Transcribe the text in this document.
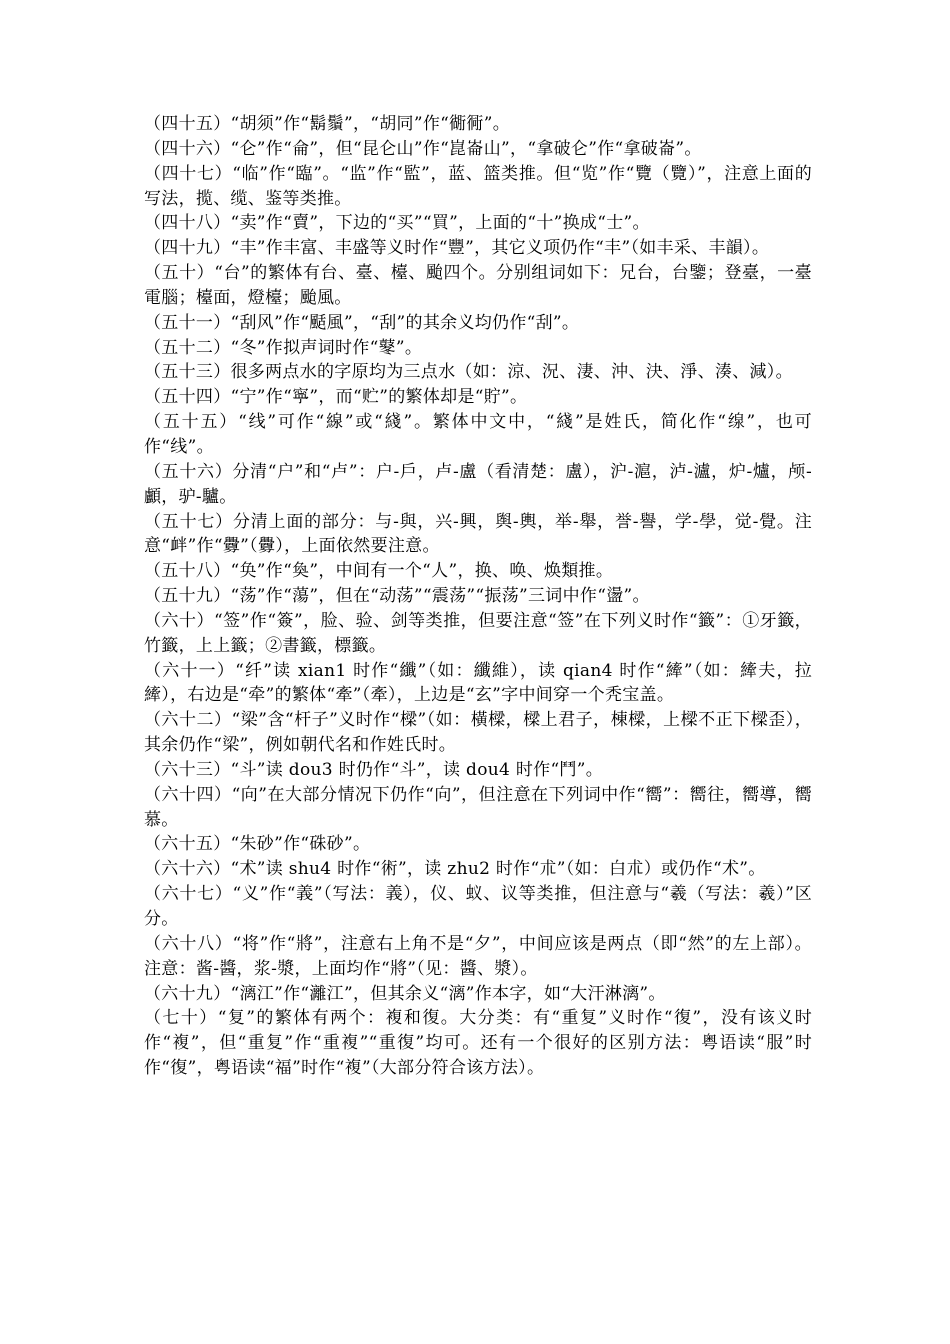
（四十五）“胡须”作“鬍鬚”，“胡同”作“衚衕”。

（四十六）“仑”作“侖”，但“昆仑山”作“崑崙山”，“拿破仑”作“拿破崙”。

（四十七）“临”作“臨”。“监”作“監”，蓝、篮类推。但“览”作“覽（覽）”，注意上面的写法，揽、缆、鉴等类推。

（四十八）“卖”作“賣”，下边的“买”“買”，上面的“十”换成“士”。

（四十九）“丰”作丰富、丰盛等义时作“豐”，其它义项仍作“丰”（如丰采、丰韻）。

（五十）“台”的繁体有台、臺、檯、颱四个。分别组词如下：兄台，台鑒；登臺，一臺電腦；檯面，燈檯；颱風。

（五十一）“刮风”作“颳風”，“刮”的其余义均仍作“刮”。

（五十二）“冬”作拟声词时作“鼕”。

（五十三）很多两点水的字原均为三点水（如：涼、況、淒、沖、決、淨、湊、減）。

（五十四）“宁”作“寧”，而“贮”的繁体却是“貯”。

（五十五）“线”可作“線”或“綫”。繁体中文中，“綫”是姓氏，简化作“缐”，也可作“线”。

（五十六）分清“户”和“卢”：户-戶，卢-盧（看清楚：盧），沪-滬，泸-瀘，炉-爐，颅-顱，驴-驢。

（五十七）分清上面的部分：与-與，兴-興，舆-輿，举-舉，誉-譽，学-學，觉-覺。注意“衅”作“釁”（釁），上面依然要注意。

（五十八）“奂”作“奐”，中间有一个“人”，换、唤、焕類推。

（五十九）“荡”作“蕩”，但在“动荡”“震荡”“振荡”三词中作“盪”。

（六十）“签”作“簽”，脸、验、剑等类推，但要注意“签”在下列义时作“籤”：①牙籤，竹籤，上上籤；②書籤，標籤。

（六十一）“纤”读 xian1 时作“纖”（如：纖維），读 qian4 时作“縴”（如：縴夫，拉縴），右边是“牵”的繁体“牽”（牽），上边是“玄”字中间穿一个秃宝盖。

（六十二）“梁”含“杆子”义时作“樑”（如：橫樑，樑上君子，棟樑，上樑不正下樑歪），其余仍作“梁”，例如朝代名和作姓氏时。

（六十三）“斗”读 dou3 时仍作“斗”，读 dou4 时作“鬥”。

（六十四）“向”在大部分情况下仍作“向”，但注意在下列词中作“嚮”：嚮往，嚮導，嚮慕。

（六十五）“朱砂”作“硃砂”。

（六十六）“术”读 shu4 时作“術”，读 zhu2 时作“朮”（如：白朮）或仍作“术”。

（六十七）“义”作“義”（写法：義），仪、蚁、议等类推，但注意与“羲（写法：羲）”区分。

（六十八）“将”作“將”，注意右上角不是“夕”，中间应该是两点（即“然”的左上部）。注意：酱-醬，浆-漿，上面均作“將”（见：醬、漿）。

（六十九）“漓江”作“灕江”，但其余义“漓”作本字，如“大汗淋漓”。

（七十）“复”的繁体有两个：複和復。大分类：有“重复”义时作“復”，没有该义时作“複”，但“重复”作“重複”“重復”均可。还有一个很好的区别方法：粤语读“服”时作“復”，粤语读“福”时作“複”（大部分符合该方法）。
